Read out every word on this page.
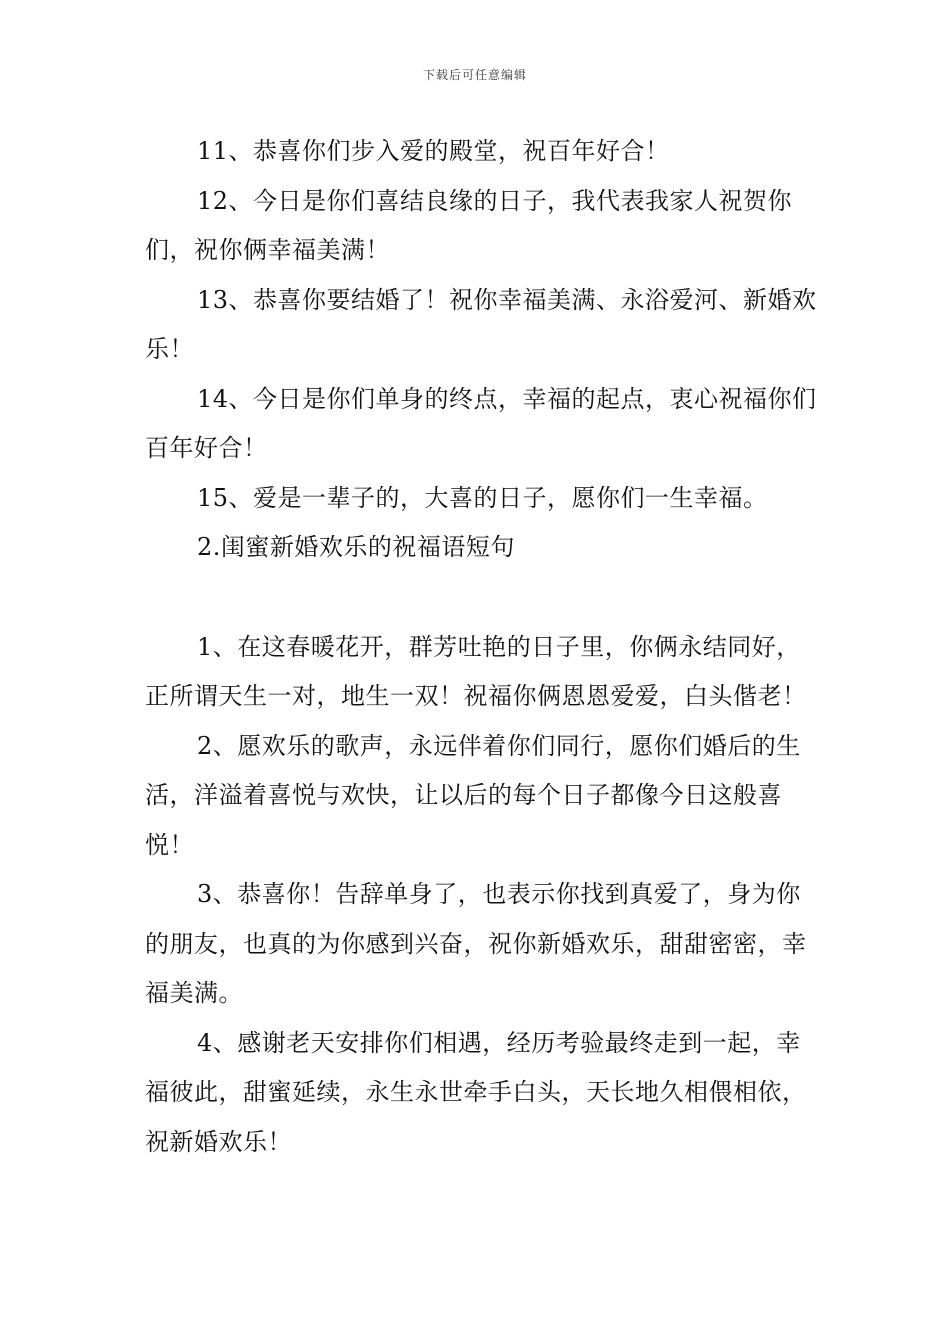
下载后可任意编辑

11、恭喜你们步入爱的殿堂，祝百年好合！

12、今日是你们喜结良缘的日子，我代表我家人祝贺你们，祝你俩幸福美满！

13、恭喜你要结婚了！祝你幸福美满、永浴爱河、新婚欢乐！

14、今日是你们单身的终点，幸福的起点，衷心祝福你们百年好合！

15、爱是一辈子的，大喜的日子，愿你们一生幸福。

2.闺蜜新婚欢乐的祝福语短句

1、在这春暖花开，群芳吐艳的日子里，你俩永结同好，正所谓天生一对，地生一双！祝福你俩恩恩爱爱，白头偕老！

2、愿欢乐的歌声，永远伴着你们同行，愿你们婚后的生活，洋溢着喜悦与欢快，让以后的每个日子都像今日这般喜悦！

3、恭喜你！告辞单身了，也表示你找到真爱了，身为你的朋友，也真的为你感到兴奋，祝你新婚欢乐，甜甜密密，幸福美满。

4、感谢老天安排你们相遇，经历考验最终走到一起，幸福彼此，甜蜜延续，永生永世牵手白头，天长地久相偎相依，祝新婚欢乐！
